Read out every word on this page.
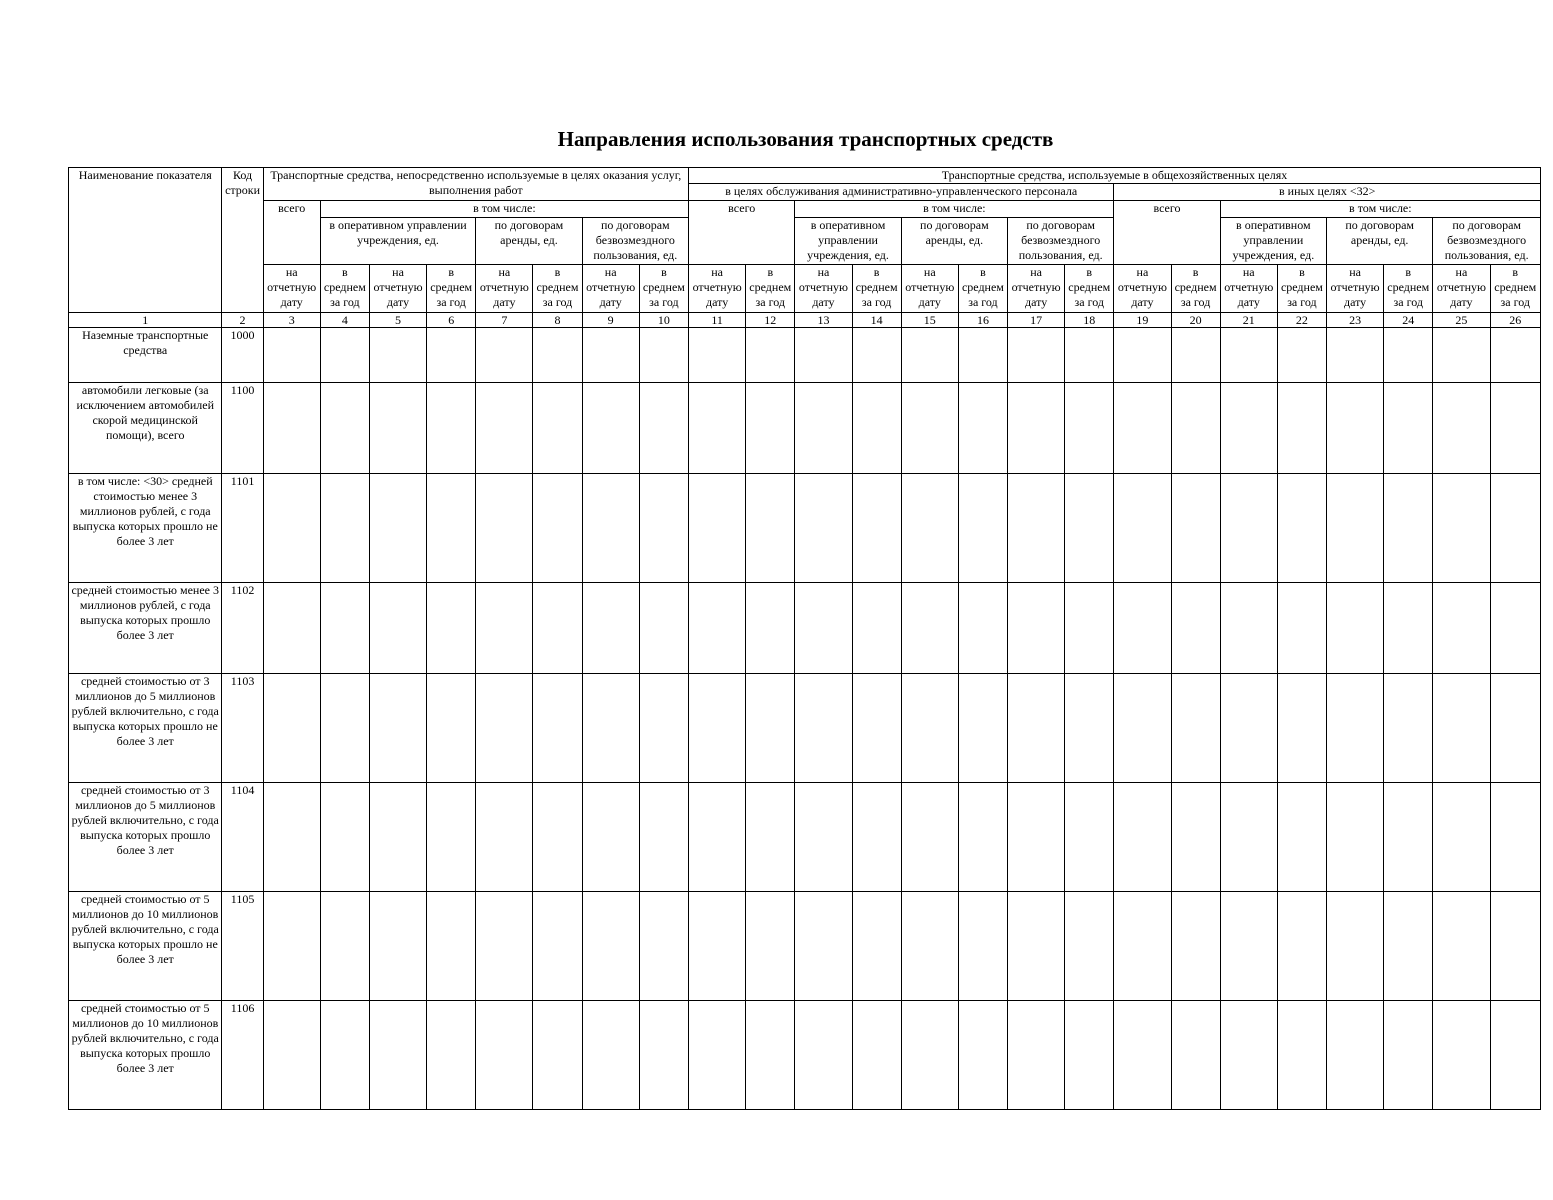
Направления использования транспортных средств
Наименование показателя	Код строки	Транспортные средства, непосредственно используемые в целях оказания услуг, выполнения работ								Транспортные средства, используемые в общехозяйственных целях															
										в целях обслуживания административно-управленческого персонала								в иных целях <32>							
		всего	в том числе:							всего		в том числе:						всего		в том числе:					
			в оперативном управлении учреждения, ед.			по договорам аренды, ед.		по договорам безвозмездного пользования, ед.				в оперативном управлении учреждения, ед.		по договорам аренды, ед.		по договорам безвозмездного пользования, ед.				в оперативном управлении учреждения, ед.		по договорам аренды, ед.		по договорам безвозмездного пользования, ед.	
		на отчетную дату	в среднем за год	на отчетную дату	в среднем за год	на отчетную дату	в среднем за год	на отчетную дату	в среднем за год	на отчетную дату	в среднем за год	на отчетную дату	в среднем за год	на отчетную дату	в среднем за год	на отчетную дату	в среднем за год	на отчетную дату	в среднем за год	на отчетную дату	в среднем за год	на отчетную дату	в среднем за год	на отчетную дату	в среднем за год

1	2	3	4	5	6	7	8	9	10	11	12	13	14	15	16	17	18	19	20	21	22	23	24	25	26
Наземные транспортные средства	1000																								
автомобили легковые (за исключением автомобилей скорой медицинской помощи), всего	1100																								
в том числе: <30> средней стоимостью менее 3 миллионов рублей, с года выпуска которых прошло не более 3 лет	1101																								
средней стоимостью менее 3 миллионов рублей, с года выпуска которых прошло более 3 лет	1102																								
средней стоимостью от 3 миллионов до 5 миллионов рублей включительно, с года выпуска которых прошло не более 3 лет	1103																								
средней стоимостью от 3 миллионов до 5 миллионов рублей включительно, с года выпуска которых прошло более 3 лет	1104																								
средней стоимостью от 5 миллионов до 10 миллионов рублей включительно, с года выпуска которых прошло не более 3 лет	1105																								
средней стоимостью от 5 миллионов до 10 миллионов рублей включительно, с года выпуска которых прошло более 3 лет	1106																								
